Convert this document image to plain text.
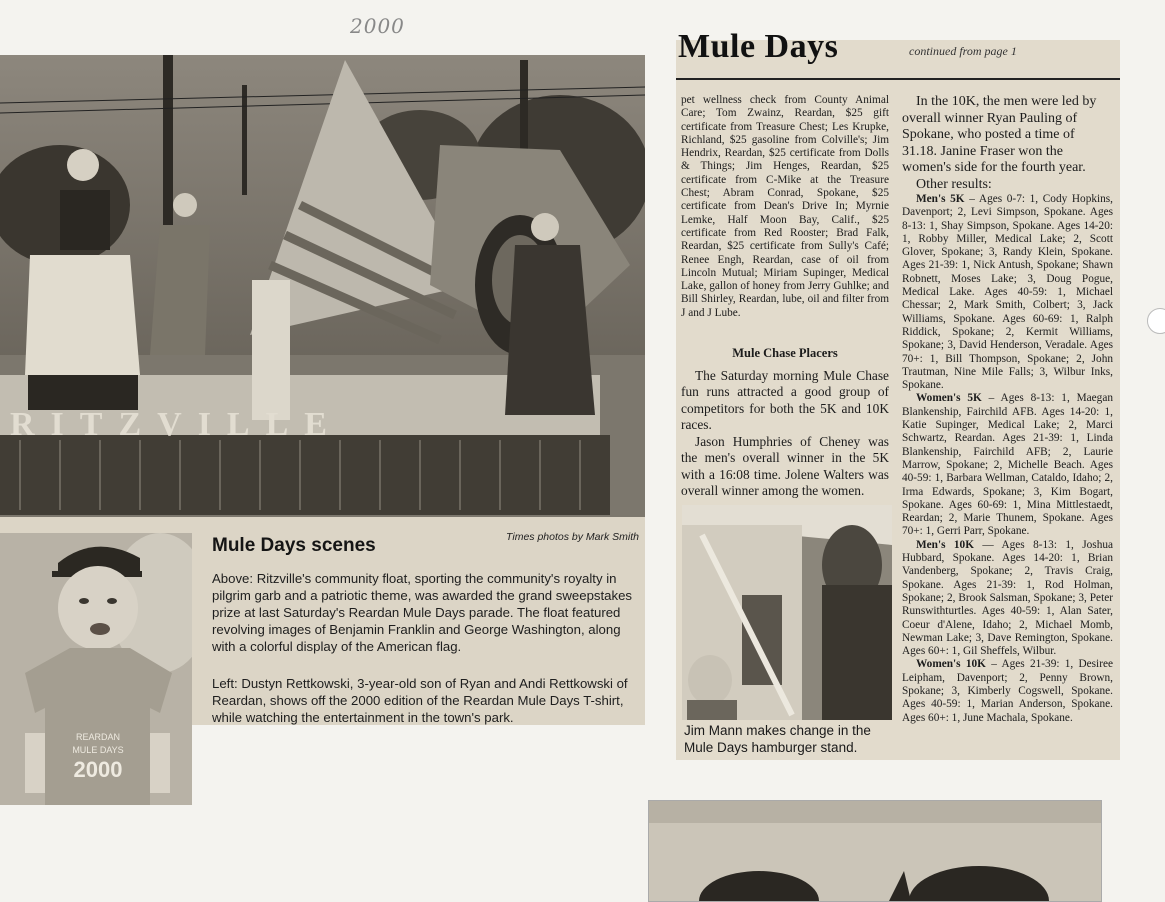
2000
RITZVILLE
REARDAN
MULE DAYS
2000
Times photos by Mark Smith
Mule Days scenes
Above: Ritzville's community float, sporting the community's royalty in pilgrim garb and a patriotic theme, was awarded the grand sweepstakes prize at last Saturday's Reardan Mule Days parade. The float featured revolving images of Benjamin Franklin and George Washington, along with a colorful display of the American flag.
Left: Dustyn Rettkowski, 3-year-old son of Ryan and Andi Rettkowski of Reardan, shows off the 2000 edition of the Reardan Mule Days T-shirt, while watching the entertainment in the town's park.
Mule Days	continued from page 1

pet wellness check from County Animal Care; Tom Zwainz, Reardan, $25 gift certificate from Treasure Chest; Les Krupke, Richland, $25 gasoline from Colville's; Jim Hendrix, Reardan, $25 certificate from Dolls & Things; Jim Henges, Reardan, $25 certificate from C-Mike at the Treasure Chest; Abram Conrad, Spokane, $25 certificate from Dean's Drive In; Myrnie Lemke, Half Moon Bay, Calif., $25 certificate from Red Rooster; Brad Falk, Reardan, $25 certificate from Sully's Café; Renee Engh, Reardan, case of oil from Lincoln Mutual; Miriam Supinger, Medical Lake, gallon of honey from Jerry Guhlke; and Bill Shirley, Reardan, lube, oil and filter from J and J Lube.

Mule Chase Placers

The Saturday morning Mule Chase fun runs attracted a good group of competitors for both the 5K and 10K races.

Jason Humphries of Cheney was the men's overall winner in the 5K with a 16:08 time. Jolene Walters was overall winner among the women.

In the 10K, the men were led by overall winner Ryan Pauling of Spokane, who posted a time of 31.18. Janine Fraser won the women's side for the fourth year.

Other results:

Men's 5K – Ages 0-7: 1, Cody Hopkins, Davenport; 2, Levi Simpson, Spokane. Ages 8-13: 1, Shay Simpson, Spokane. Ages 14-20: 1, Robby Miller, Medical Lake; 2, Scott Glover, Spokane; 3, Randy Klein, Spokane. Ages 21-39: 1, Nick Antush, Spokane; Shawn Robnett, Moses Lake; 3, Doug Pogue, Medical Lake. Ages 40-59: 1, Michael Chessar; 2, Mark Smith, Colbert; 3, Jack Williams, Spokane. Ages 60-69: 1, Ralph Riddick, Spokane; 2, Kermit Williams, Spokane; 3, David Henderson, Veradale. Ages 70+: 1, Bill Thompson, Spokane; 2, John Trautman, Nine Mile Falls; 3, Wilbur Inks, Spokane.

Women's 5K – Ages 8-13: 1, Maegan Blankenship, Fairchild AFB. Ages 14-20: 1, Katie Supinger, Medical Lake; 2, Marci Schwartz, Reardan. Ages 21-39: 1, Linda Blankenship, Fairchild AFB; 2, Laurie Marrow, Spokane; 2, Michelle Beach. Ages 40-59: 1, Barbara Wellman, Cataldo, Idaho; 2, Irma Edwards, Spokane; 3, Kim Bogart, Spokane. Ages 60-69: 1, Mina Mittlestaedt, Reardan; 2, Marie Thunem, Spokane. Ages 70+: 1, Gerri Parr, Spokane.

Men's 10K — Ages 8-13: 1, Joshua Hubbard, Spokane. Ages 14-20: 1, Brian Vandenberg, Spokane; 2, Travis Craig, Spokane. Ages 21-39: 1, Rod Holman, Spokane; 2, Brook Salsman, Spokane; 3, Peter Runswithturtles. Ages 40-59: 1, Alan Sater, Coeur d'Alene, Idaho; 2, Michael Momb, Newman Lake; 3, Dave Remington, Spokane. Ages 60+: 1, Gil Sheffels, Wilbur.

Women's 10K – Ages 21-39: 1, Desiree Leipham, Davenport; 2, Penny Brown, Spokane; 3, Kimberly Cogswell, Spokane. Ages 40-59: 1, Marian Anderson, Spokane. Ages 60+: 1, June Machala, Spokane.

Jim Mann makes change in the Mule Days hamburger stand.
